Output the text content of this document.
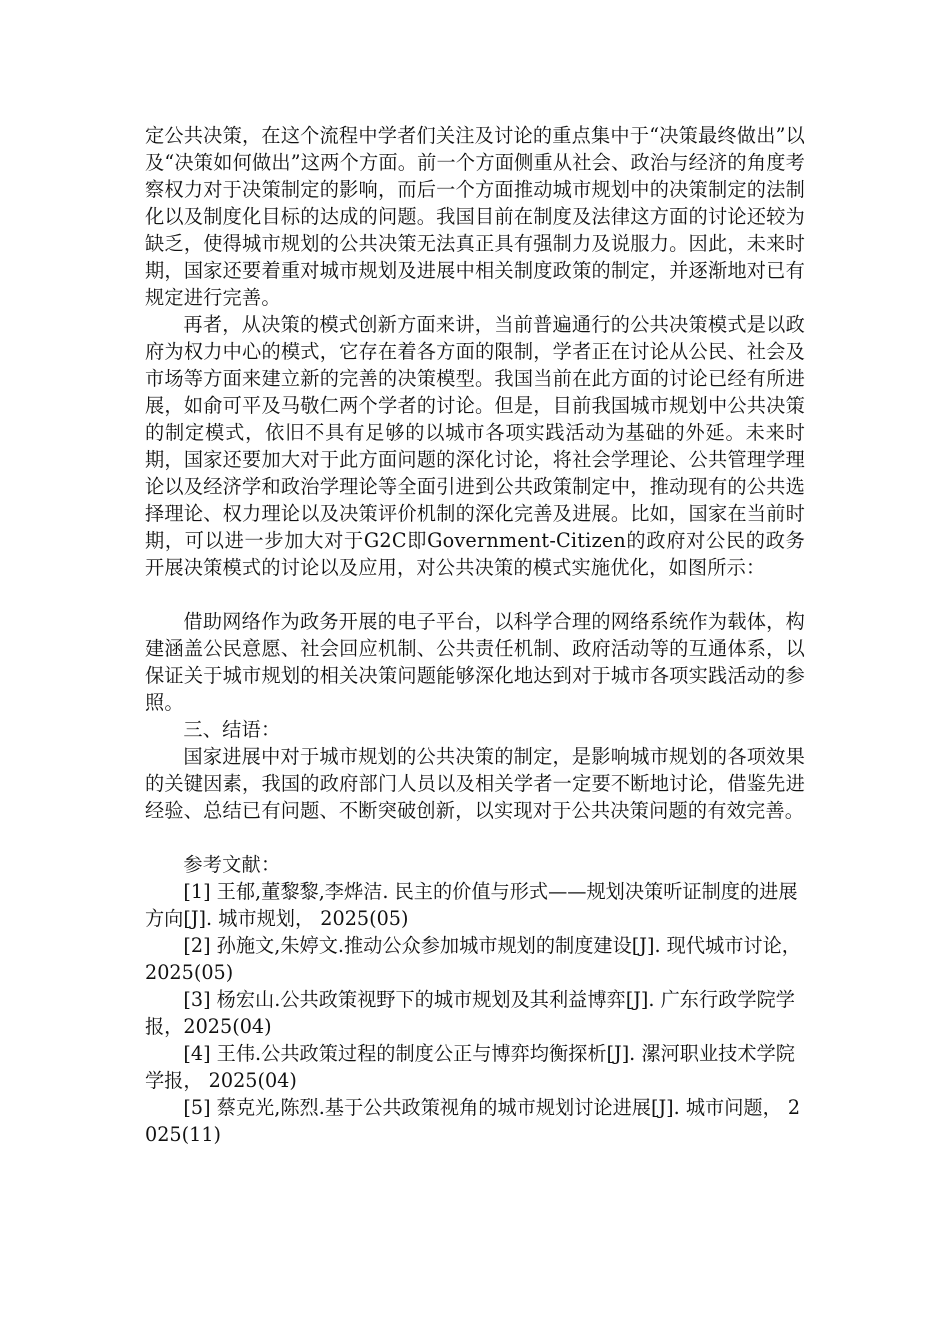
定公共决策，在这个流程中学者们关注及讨论的重点集中于“决策最终做出”以及“决策如何做出”这两个方面。前一个方面侧重从社会、政治与经济的角度考察权力对于决策制定的影响，而后一个方面推动城市规划中的决策制定的法制化以及制度化目标的达成的问题。我国目前在制度及法律这方面的讨论还较为缺乏，使得城市规划的公共决策无法真正具有强制力及说服力。因此，未来时期，国家还要着重对城市规划及进展中相关制度政策的制定，并逐渐地对已有规定进行完善。

再者，从决策的模式创新方面来讲，当前普遍通行的公共决策模式是以政府为权力中心的模式，它存在着各方面的限制，学者正在讨论从公民、社会及市场等方面来建立新的完善的决策模型。我国当前在此方面的讨论已经有所进展，如俞可平及马敬仁两个学者的讨论。但是，目前我国城市规划中公共决策的制定模式，依旧不具有足够的以城市各项实践活动为基础的外延。未来时期，国家还要加大对于此方面问题的深化讨论，将社会学理论、公共管理学理论以及经济学和政治学理论等全面引进到公共政策制定中，推动现有的公共选择理论、权力理论以及决策评价机制的深化完善及进展。比如，国家在当前时期，可以进一步加大对于G2C即Government-Citizen的政府对公民的政务开展决策模式的讨论以及应用，对公共决策的模式实施优化，如图所示：

借助网络作为政务开展的电子平台，以科学合理的网络系统作为载体，构建涵盖公民意愿、社会回应机制、公共责任机制、政府活动等的互通体系，以保证关于城市规划的相关决策问题能够深化地达到对于城市各项实践活动的参照。

三、结语：

国家进展中对于城市规划的公共决策的制定，是影响城市规划的各项效果的关键因素，我国的政府部门人员以及相关学者一定要不断地讨论，借鉴先进经验、总结已有问题、不断突破创新，以实现对于公共决策问题的有效完善。

参考文献：

[1] 王郁,董黎黎,李烨洁. 民主的价值与形式——规划决策听证制度的进展方向[J]. 城市规划， 2025(05)

[2] 孙施文,朱婷文.推动公众参加城市规划的制度建设[J]. 现代城市讨论， 2025(05)

[3] 杨宏山.公共政策视野下的城市规划及其利益博弈[J]. 广东行政学院学报，2025(04)

[4] 王伟.公共政策过程的制度公正与博弈均衡探析[J]. 漯河职业技术学院学报， 2025(04)

[5] 蔡克光,陈烈.基于公共政策视角的城市规划讨论进展[J]. 城市问题， 2025(11)
